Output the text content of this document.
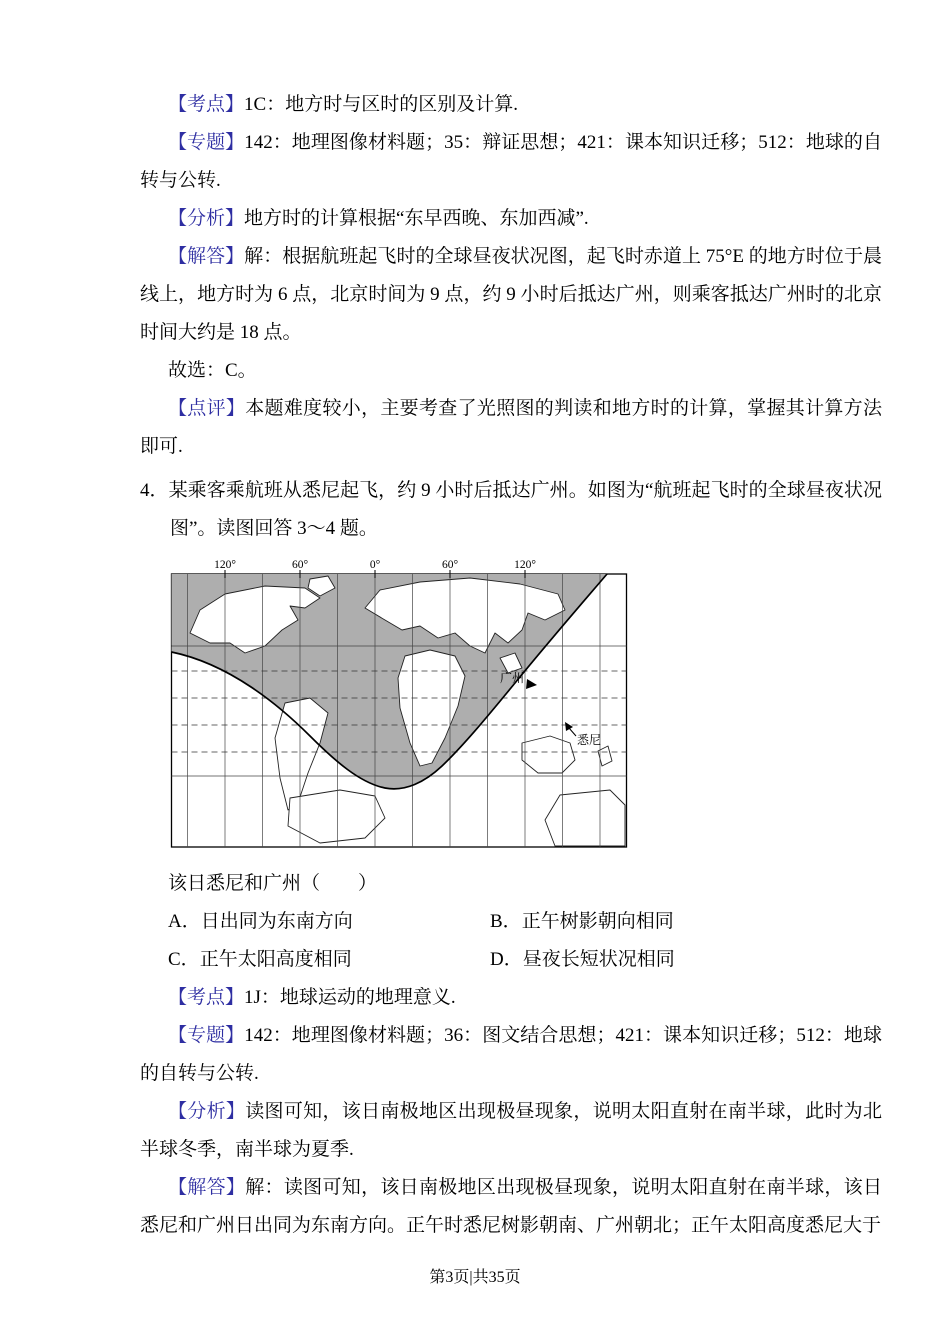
【考点】1C：地方时与区时的区别及计算.

【专题】142：地理图像材料题；35：辩证思想；421：课本知识迁移；512：地球的自转与公转.

【分析】地方时的计算根据“东早西晚、东加西减”.

【解答】解：根据航班起飞时的全球昼夜状况图，起飞时赤道上 75°E 的地方时位于晨线上，地方时为 6 点，北京时间为 9 点，约 9 小时后抵达广州，则乘客抵达广州时的北京时间大约是 18 点。

故选：C。

【点评】本题难度较小，主要考查了光照图的判读和地方时的计算，掌握其计算方法即可.

4．某乘客乘航班从悉尼起飞，约 9 小时后抵达广州。如图为“航班起飞时的全球昼夜状况图”。读图回答 3～4 题。

120°	60°	0°	60°	120°
广州
悉尼

该日悉尼和广州（　　）

A．日出同为东南方向	B．正午树影朝向相同
C．正午太阳高度相同	D．昼夜长短状况相同

【考点】1J：地球运动的地理意义.

【专题】142：地理图像材料题；36：图文结合思想；421：课本知识迁移；512：地球的自转与公转.

【分析】读图可知，该日南极地区出现极昼现象，说明太阳直射在南半球，此时为北半球冬季，南半球为夏季.

【解答】解：读图可知，该日南极地区出现极昼现象，说明太阳直射在南半球，该日悉尼和广州日出同为东南方向。正午时悉尼树影朝南、广州朝北；正午太阳高度悉尼大于

第3页|共35页
